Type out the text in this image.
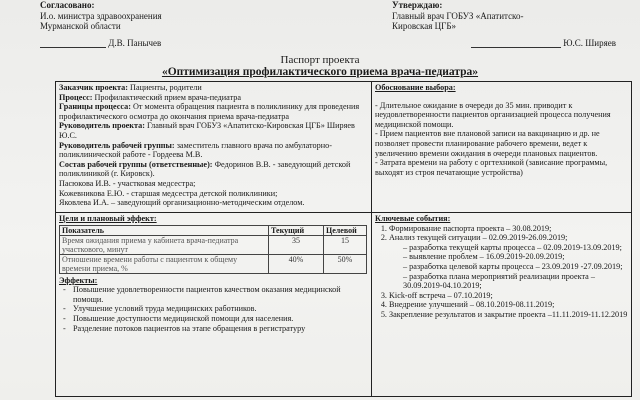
Согласовано:
И.о. министра здравоохранения
Мурманской области
Д.В. Панычев
Утверждаю:
Главный врач ГОБУЗ «Апатитско-
Кировская ЦГБ»
Ю.С. Ширяев
Паспорт проекта
«Оптимизация профилактического приема врача-педиатра»
Заказчик проекта: Пациенты, родители
Процесс: Профилактический прием врача-педиатра
Границы процесса: От момента обращения пациента в поликлинику для проведения профилактического осмотра до окончания приема врача-педиатра
Руководитель проекта: Главный врач ГОБУЗ «Апатитско-Кировская ЦГБ» Ширяев Ю.С.
Руководитель рабочей группы: заместитель главного врача по амбулаторно-поликлинической работе - Гордеева М.В.
Состав рабочей группы (ответственные): Федоринов В.В. - заведующий детской поликлиникой (г. Кировск).
Пасюкова И.В. - участковая медсестра;
Кожевникова Е.Ю. - старшая медсестра детской поликлиники;
Яковлева И.А. – заведующий организационно-методическим отделом.
Цели и плановый эффект:
Показатель	Текущий	Целевой
Время ожидания приема у кабинета врача-педиатра участкового, минут	35	15
Отношение времени работы с пациентом к общему времени приема, %	40%	50%
Эффекты:
- Повышение удовлетворенности пациентов качеством оказания медицинской помощи.
- Улучшение условий труда медицинских работников.
- Повышение доступности медицинской помощи для населения.
- Разделение потоков пациентов на этапе обращения в регистратуру
Обоснование выбора:
- Длительное ожидание в очереди до 35 мин. приводит к неудовлетворенности пациентов организацией процесса получения медицинской помощи.
- Прием пациентов вне плановой записи на вакцинацию и др. не позволяет провести планирование рабочего времени, ведет к увеличению времени ожидания в очереди плановых пациентов.
- Затрата времени на работу с оргтехникой (зависание программы, выходят из строя печатающие устройства)
Ключевые события:
1. Формирование паспорта проекта – 30.08.2019;
2. Анализ текущей ситуации – 02.09.2019-26.09.2019;
– разработка текущей карты процесса – 02.09.2019-13.09.2019;
– выявление проблем – 16.09.2019-20.09.2019;
– разработка целевой карты процесса – 23.09.2019 -27.09.2019;
– разработка плана мероприятий реализации проекта – 30.09.2019-04.10.2019;
3. Kick-off встреча – 07.10.2019;
4. Внедрение улучшений – 08.10.2019-08.11.2019;
5. Закрепление результатов и закрытие проекта –11.11.2019-11.12.2019
